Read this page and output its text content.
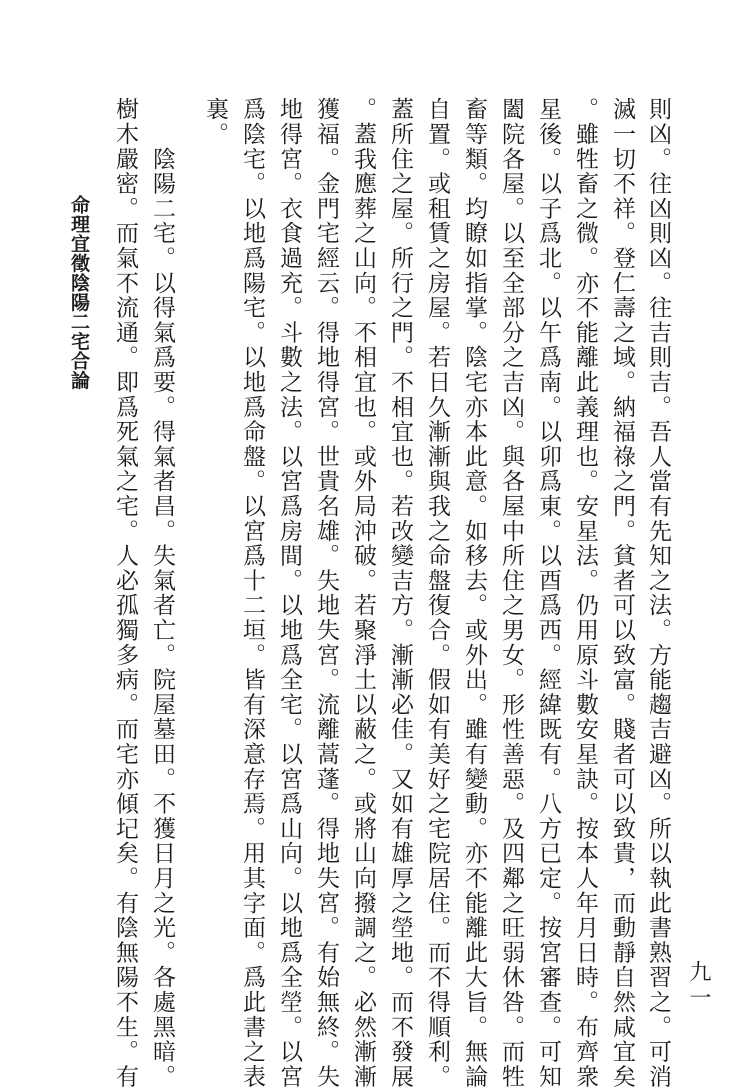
命理宜徵陰陽二宅合論
九一
則凶。往凶則凶。往吉則吉。吾人當有先知之法。方能趨吉避凶。所以執此書熟習之。可消
滅一切不祥。登仁壽之域。納福祿之門。貧者可以致富。賤者可以致貴，而動靜自然咸宜矣
。雖牲畜之微。亦不能離此義理也。安星法。仍用原斗數安星訣。按本人年月日時。布齊衆
星後。以子爲北。以午爲南。以卯爲東。以酉爲西。經緯既有。八方已定。按宮審查。可知
闔院各屋。以至全部分之吉凶。與各屋中所住之男女。形性善惡。及四鄰之旺弱休咎。而牲
畜等類。均瞭如指掌。陰宅亦本此意。如移去。或外出。雖有變動。亦不能離此大旨。無論
自置。或租賃之房屋。若日久漸漸與我之命盤復合。假如有美好之宅院居住。而不得順利。
蓋所住之屋。所行之門。不相宜也。若改變吉方。漸漸必佳。又如有雄厚之塋地。而不發展
。蓋我應葬之山向。不相宜也。或外局沖破。若聚淨土以蔽之。或將山向撥調之。必然漸漸
獲福。金門宅經云。得地得宮。世貴名雄。失地失宮。流離蒿蓬。得地失宮。有始無終。失
地得宮。衣食過充。斗數之法。以宮爲房間。以地爲全宅。以宮爲山向。以地爲全塋。以宮
爲陰宅。以地爲陽宅。以地爲命盤。以宮爲十二垣。皆有深意存焉。用其字面。爲此書之表
裏。
　　陰陽二宅。以得氣爲要。得氣者昌。失氣者亡。院屋墓田。不獲日月之光。各處黑暗。
樹木嚴密。而氣不流通。即爲死氣之宅。人必孤獨多病。而宅亦傾圮矣。有陰無陽不生。有
